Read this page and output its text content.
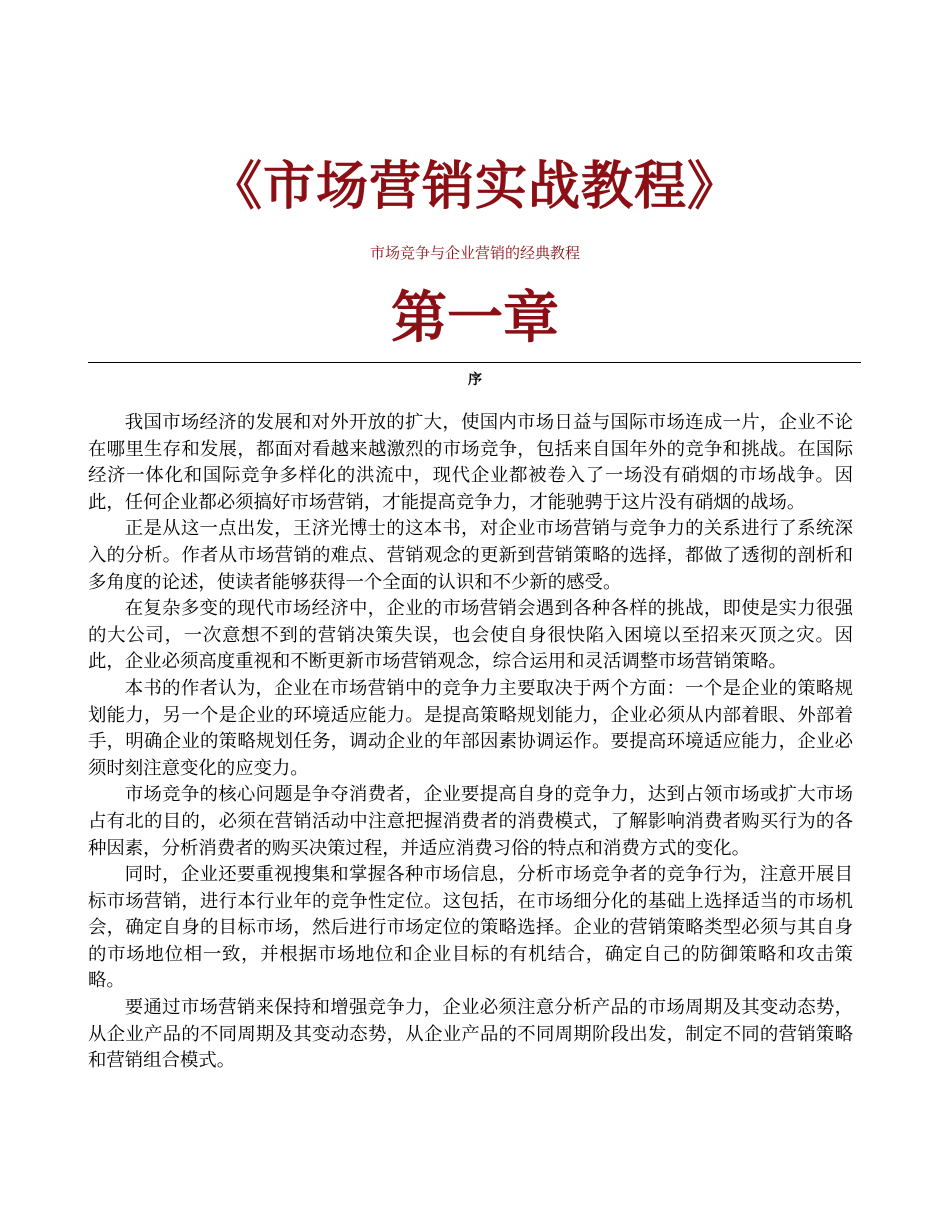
《市场营销实战教程》
市场竞争与企业营销的经典教程
第一章
序

我国市场经济的发展和对外开放的扩大，使国内市场日益与国际市场连成一片，企业不论在哪里生存和发展，都面对看越来越激烈的市场竞争，包括来自国年外的竞争和挑战。在国际经济一体化和国际竞争多样化的洪流中，现代企业都被卷入了一场没有硝烟的市场战争。因此，任何企业都必须搞好市场营销，才能提高竞争力，才能驰骋于这片没有硝烟的战场。

正是从这一点出发，王济光博士的这本书，对企业市场营销与竞争力的关系进行了系统深入的分析。作者从市场营销的难点、营销观念的更新到营销策略的选择，都做了透彻的剖析和多角度的论述，使读者能够获得一个全面的认识和不少新的感受。

在复杂多变的现代市场经济中，企业的市场营销会遇到各种各样的挑战，即使是实力很强的大公司，一次意想不到的营销决策失误，也会使自身很快陷入困境以至招来灭顶之灾。因此，企业必须高度重视和不断更新市场营销观念，综合运用和灵活调整市场营销策略。

本书的作者认为，企业在市场营销中的竞争力主要取决于两个方面：一个是企业的策略规划能力，另一个是企业的环境适应能力。是提高策略规划能力，企业必须从内部着眼、外部着手，明确企业的策略规划任务，调动企业的年部因素协调运作。要提高环境适应能力，企业必须时刻注意变化的应变力。

市场竞争的核心问题是争夺消费者，企业要提高自身的竞争力，达到占领市场或扩大市场占有北的目的，必须在营销活动中注意把握消费者的消费模式，了解影响消费者购买行为的各种因素，分析消费者的购买决策过程，并适应消费习俗的特点和消费方式的变化。

同时，企业还要重视搜集和掌握各种市场信息，分析市场竞争者的竞争行为，注意开展目标市场营销，进行本行业年的竞争性定位。这包括，在市场细分化的基础上选择适当的市场机会，确定自身的目标市场，然后进行市场定位的策略选择。企业的营销策略类型必须与其自身的市场地位相一致，并根据市场地位和企业目标的有机结合，确定自己的防御策略和攻击策略。

要通过市场营销来保持和增强竞争力，企业必须注意分析产品的市场周期及其变动态势，从企业产品的不同周期及其变动态势，从企业产品的不同周期阶段出发，制定不同的营销策略和营销组合模式。
